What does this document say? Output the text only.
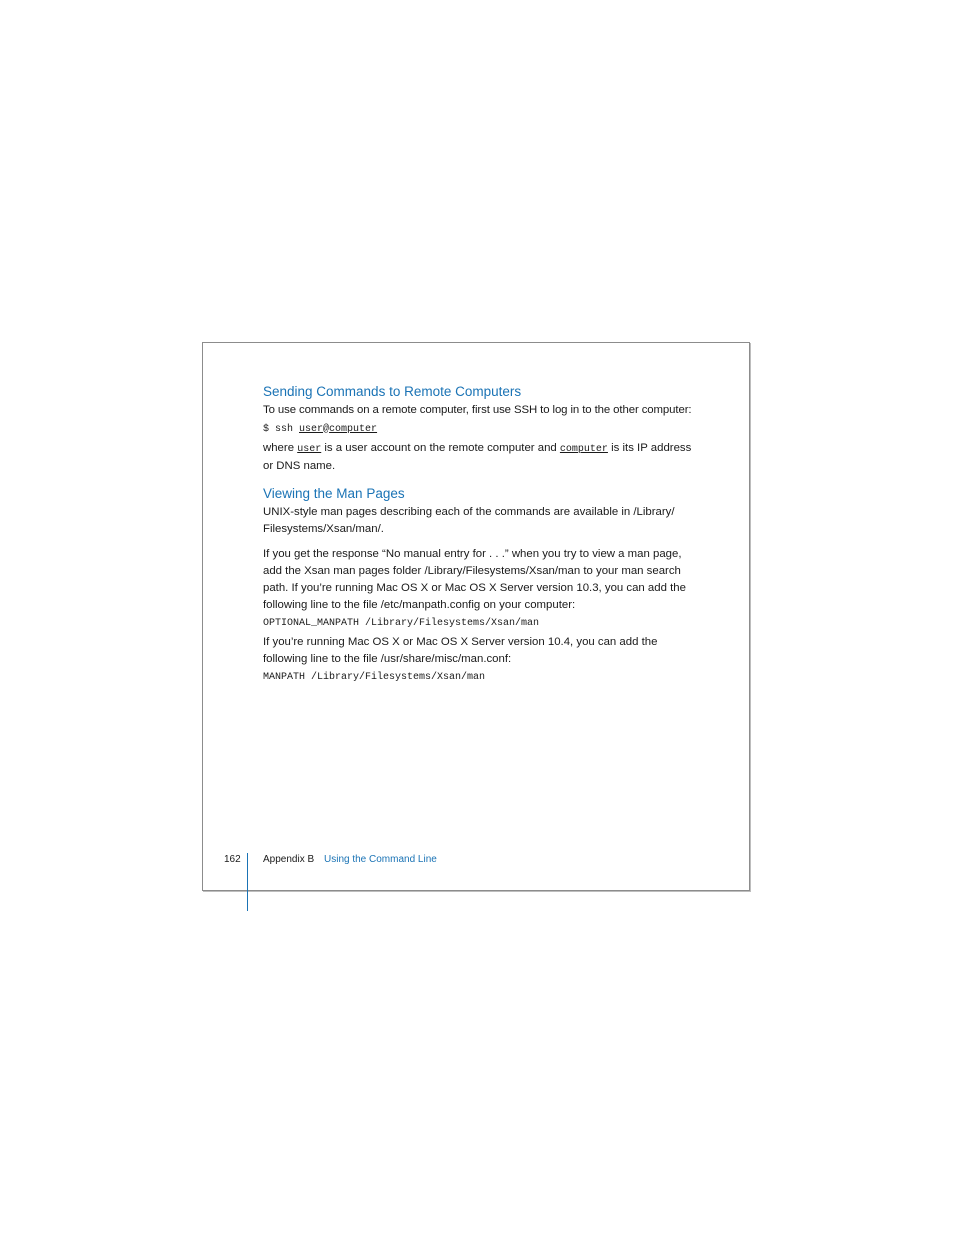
Sending Commands to Remote Computers

To use commands on a remote computer, first use SSH to log in to the other computer:

$ ssh user@computer

where user is a user account on the remote computer and computer is its IP address or DNS name.

Viewing the Man Pages

UNIX-style man pages describing each of the commands are available in /Library/ Filesystems/Xsan/man/.

If you get the response “No manual entry for . . .” when you try to view a man page, add the Xsan man pages folder /Library/Filesystems/Xsan/man to your man search path. If you’re running Mac OS X or Mac OS X Server version 10.3, you can add the following line to the file /etc/manpath.config on your computer:

OPTIONAL_MANPATH /Library/Filesystems/Xsan/man

If you’re running Mac OS X or Mac OS X Server version 10.4, you can add the following line to the file /usr/share/misc/man.conf:

MANPATH /Library/Filesystems/Xsan/man

162	Appendix B Using the Command Line
